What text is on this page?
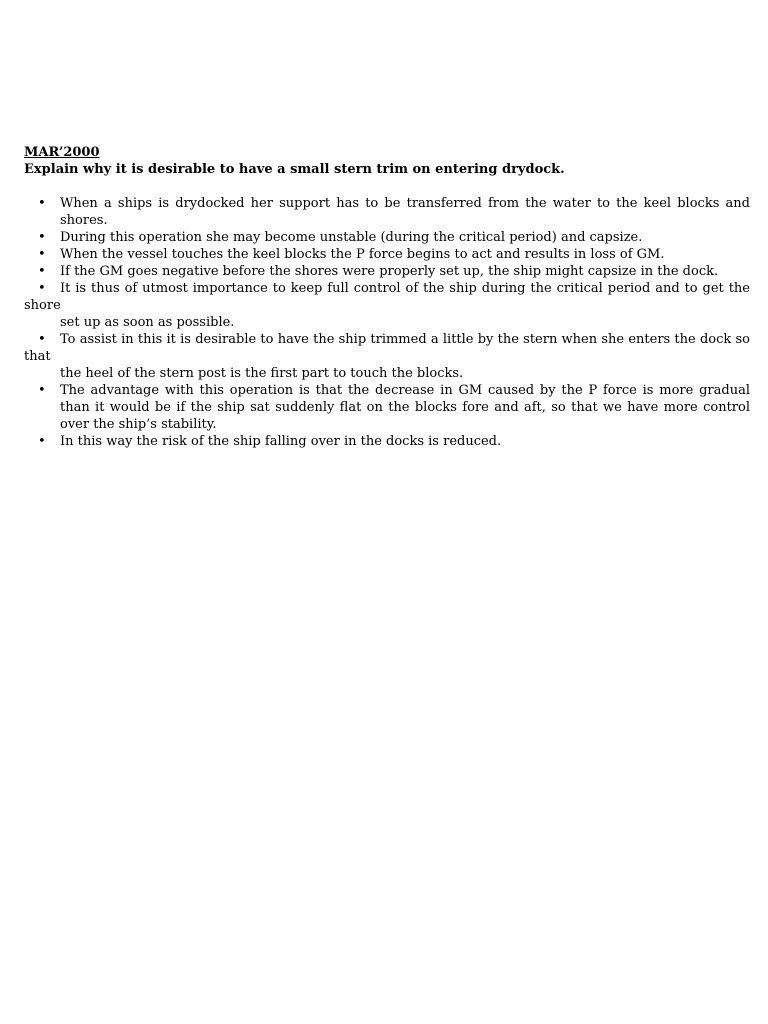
MAR’2000
Explain why it is desirable to have a small stern trim on entering drydock.
• When a ships is drydocked her support has to be transferred from the water to the keel blocks and shores.
• During this operation she may become unstable (during the critical period) and capsize.
• When the vessel touches the keel blocks the P force begins to act and results in loss of GM.
• If the GM goes negative before the shores were properly set up, the ship might capsize in the dock.
• It is thus of utmost importance to keep full control of the ship during the critical period and to get the shore
set up as soon as possible.
• To assist in this it is desirable to have the ship trimmed a little by the stern when she enters the dock so that
the heel of the stern post is the first part to touch the blocks.
• The advantage with this operation is that the decrease in GM caused by the P force is more gradual than it would be if the ship sat suddenly flat on the blocks fore and aft, so that we have more control over the ship’s stability.
• In this way the risk of the ship falling over in the docks is reduced.
